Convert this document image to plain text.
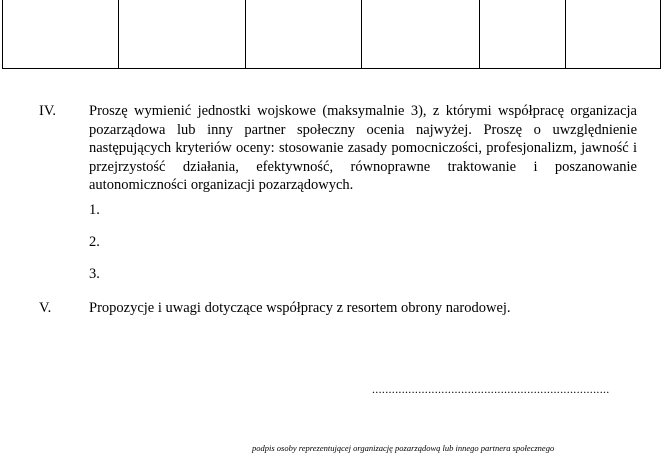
IV. Proszę wymienić jednostki wojskowe (maksymalnie 3), z którymi współpracę organizacja pozarządowa lub inny partner społeczny ocenia najwyżej. Proszę o uwzględnienie następujących kryteriów oceny: stosowanie zasady pomocniczości, profesjonalizm, jawność i przejrzystość działania, efektywność, równoprawne traktowanie i poszanowanie autonomiczności organizacji pozarządowych.
1.
2.
3.
V.	Propozycje i uwagi dotyczące współpracy z resortem obrony narodowej.
........................................................................
podpis osoby reprezentującej organizację pozarządową lub innego partnera społecznego
